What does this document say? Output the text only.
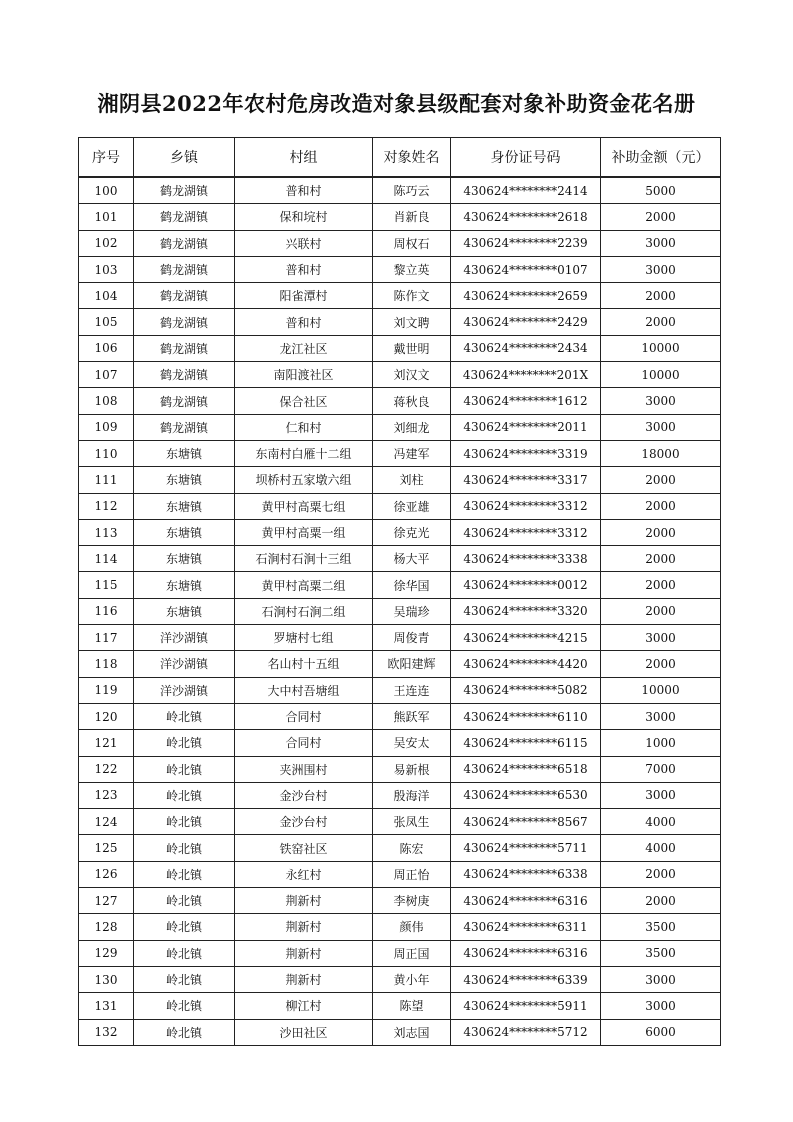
湘阴县2022年农村危房改造对象县级配套对象补助资金花名册
序号	乡镇	村组	对象姓名	身份证号码	补助金额（元）
100	鹤龙湖镇	普和村	陈巧云	430624********2414	5000
101	鹤龙湖镇	保和垸村	肖新良	430624********2618	2000
102	鹤龙湖镇	兴联村	周权石	430624********2239	3000
103	鹤龙湖镇	普和村	黎立英	430624********0107	3000
104	鹤龙湖镇	阳雀潭村	陈作文	430624********2659	2000
105	鹤龙湖镇	普和村	刘文聘	430624********2429	2000
106	鹤龙湖镇	龙江社区	戴世明	430624********2434	10000
107	鹤龙湖镇	南阳渡社区	刘汉文	430624********201X	10000
108	鹤龙湖镇	保合社区	蒋秋良	430624********1612	3000
109	鹤龙湖镇	仁和村	刘细龙	430624********2011	3000
110	东塘镇	东南村白雁十二组	冯建军	430624********3319	18000
111	东塘镇	坝桥村五家墩六组	刘柱	430624********3317	2000
112	东塘镇	黄甲村高粟七组	徐亚雄	430624********3312	2000
113	东塘镇	黄甲村高粟一组	徐克光	430624********3312	2000
114	东塘镇	石涧村石涧十三组	杨大平	430624********3338	2000
115	东塘镇	黄甲村高粟二组	徐华国	430624********0012	2000
116	东塘镇	石涧村石涧二组	吴瑞珍	430624********3320	2000
117	洋沙湖镇	罗塘村七组	周俊青	430624********4215	3000
118	洋沙湖镇	名山村十五组	欧阳建辉	430624********4420	2000
119	洋沙湖镇	大中村吾塘组	王连连	430624********5082	10000
120	岭北镇	合同村	熊跃军	430624********6110	3000
121	岭北镇	合同村	吴安太	430624********6115	1000
122	岭北镇	夹洲围村	易新根	430624********6518	7000
123	岭北镇	金沙台村	殷海洋	430624********6530	3000
124	岭北镇	金沙台村	张凤生	430624********8567	4000
125	岭北镇	铁窑社区	陈宏	430624********5711	4000
126	岭北镇	永红村	周正怡	430624********6338	2000
127	岭北镇	荆新村	李树庚	430624********6316	2000
128	岭北镇	荆新村	颜伟	430624********6311	3500
129	岭北镇	荆新村	周正国	430624********6316	3500
130	岭北镇	荆新村	黄小年	430624********6339	3000
131	岭北镇	柳江村	陈望	430624********5911	3000
132	岭北镇	沙田社区	刘志国	430624********5712	6000
